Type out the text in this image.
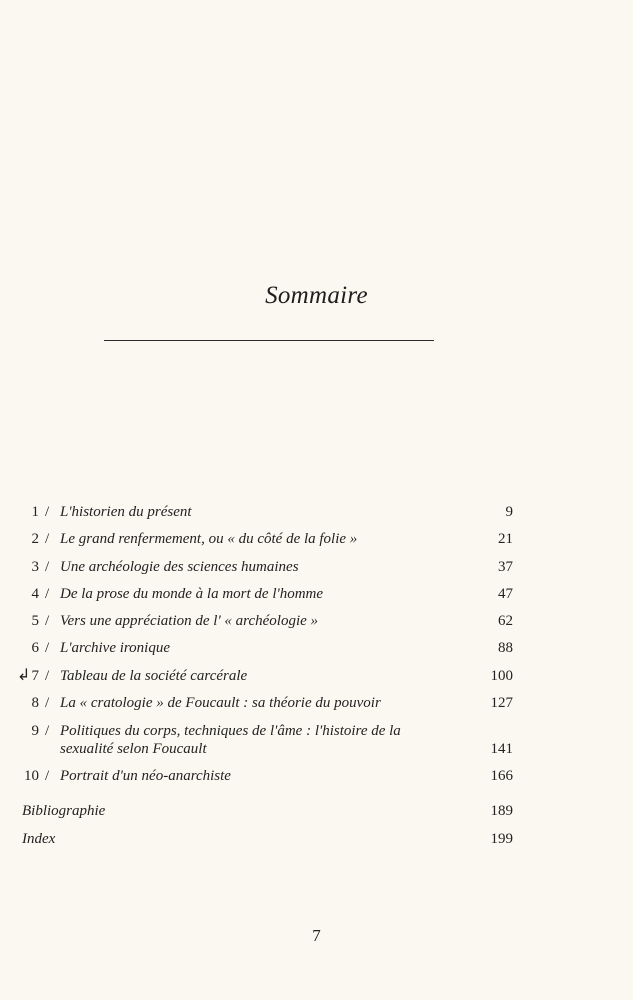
Sommaire
1 / L'historien du présent	9
2 / Le grand renfermement, ou « du côté de la folie »	21
3 / Une archéologie des sciences humaines	37
4 / De la prose du monde à la mort de l'homme	47
5 / Vers une appréciation de l' « archéologie »	62
6 / L'archive ironique	88
↲ 7 / Tableau de la société carcérale	100
8 / La « cratologie » de Foucault : sa théorie du pouvoir	127
9 / Politiques du corps, techniques de l'âme : l'histoire de la sexualité selon Foucault	141
10 / Portrait d'un néo-anarchiste	166
Bibliographie	189
Index	199
7
